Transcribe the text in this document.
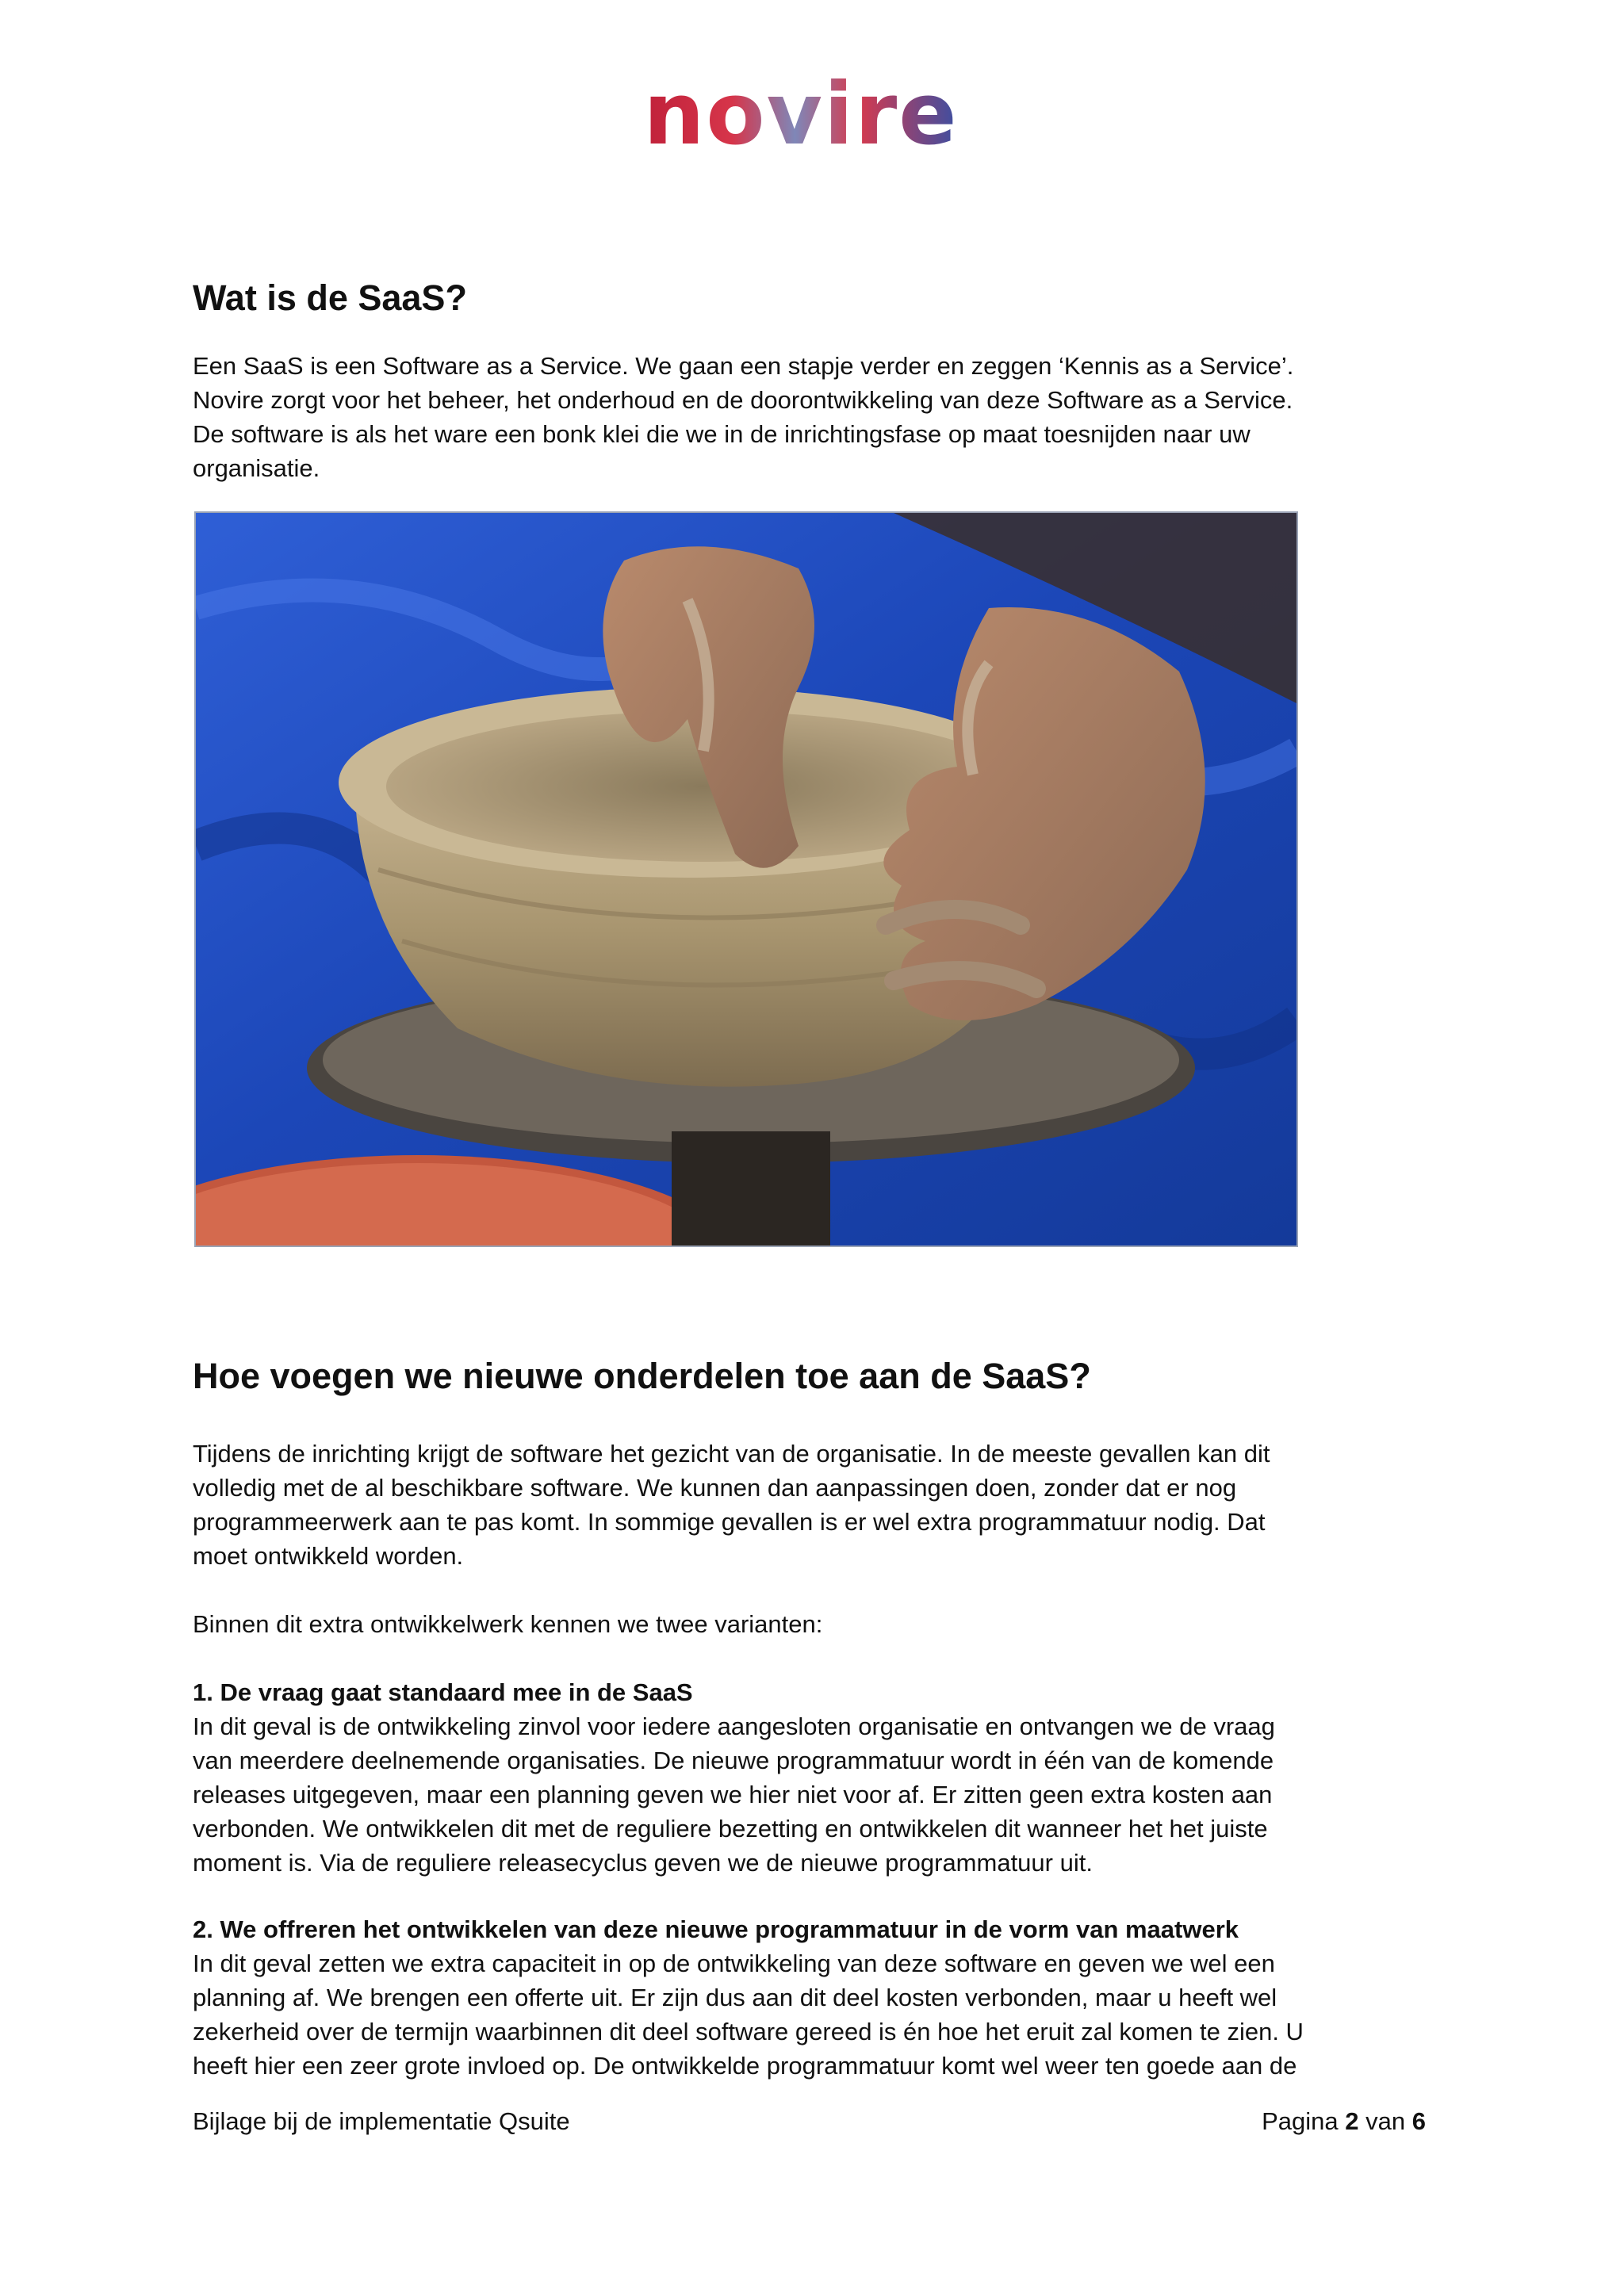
novire
Wat is de SaaS?
Een SaaS is een Software as a Service. We gaan een stapje verder en zeggen ‘Kennis as a Service’.
Novire zorgt voor het beheer, het onderhoud en de doorontwikkeling van deze Software as a Service.
De software is als het ware een bonk klei die we in de inrichtingsfase op maat toesnijden naar uw
organisatie.
Hoe voegen we nieuwe onderdelen toe aan de SaaS?
Tijdens de inrichting krijgt de software het gezicht van de organisatie. In de meeste gevallen kan dit
volledig met de al beschikbare software. We kunnen dan aanpassingen doen, zonder dat er nog
programmeerwerk aan te pas komt. In sommige gevallen is er wel extra programmatuur nodig. Dat
moet ontwikkeld worden.
Binnen dit extra ontwikkelwerk kennen we twee varianten:
1. De vraag gaat standaard mee in de SaaS
In dit geval is de ontwikkeling zinvol voor iedere aangesloten organisatie en ontvangen we de vraag
van meerdere deelnemende organisaties. De nieuwe programmatuur wordt in één van de komende
releases uitgegeven, maar een planning geven we hier niet voor af. Er zitten geen extra kosten aan
verbonden. We ontwikkelen dit met de reguliere bezetting en ontwikkelen dit wanneer het het juiste
moment is. Via de reguliere releasecyclus geven we de nieuwe programmatuur uit.
2. We offreren het ontwikkelen van deze nieuwe programmatuur in de vorm van maatwerk
In dit geval zetten we extra capaciteit in op de ontwikkeling van deze software en geven we wel een
planning af. We brengen een offerte uit. Er zijn dus aan dit deel kosten verbonden, maar u heeft wel
zekerheid over de termijn waarbinnen dit deel software gereed is én hoe het eruit zal komen te zien. U
heeft hier een zeer grote invloed op. De ontwikkelde programmatuur komt wel weer ten goede aan de
Bijlage bij de implementatie Qsuite	Pagina 2 van 6
